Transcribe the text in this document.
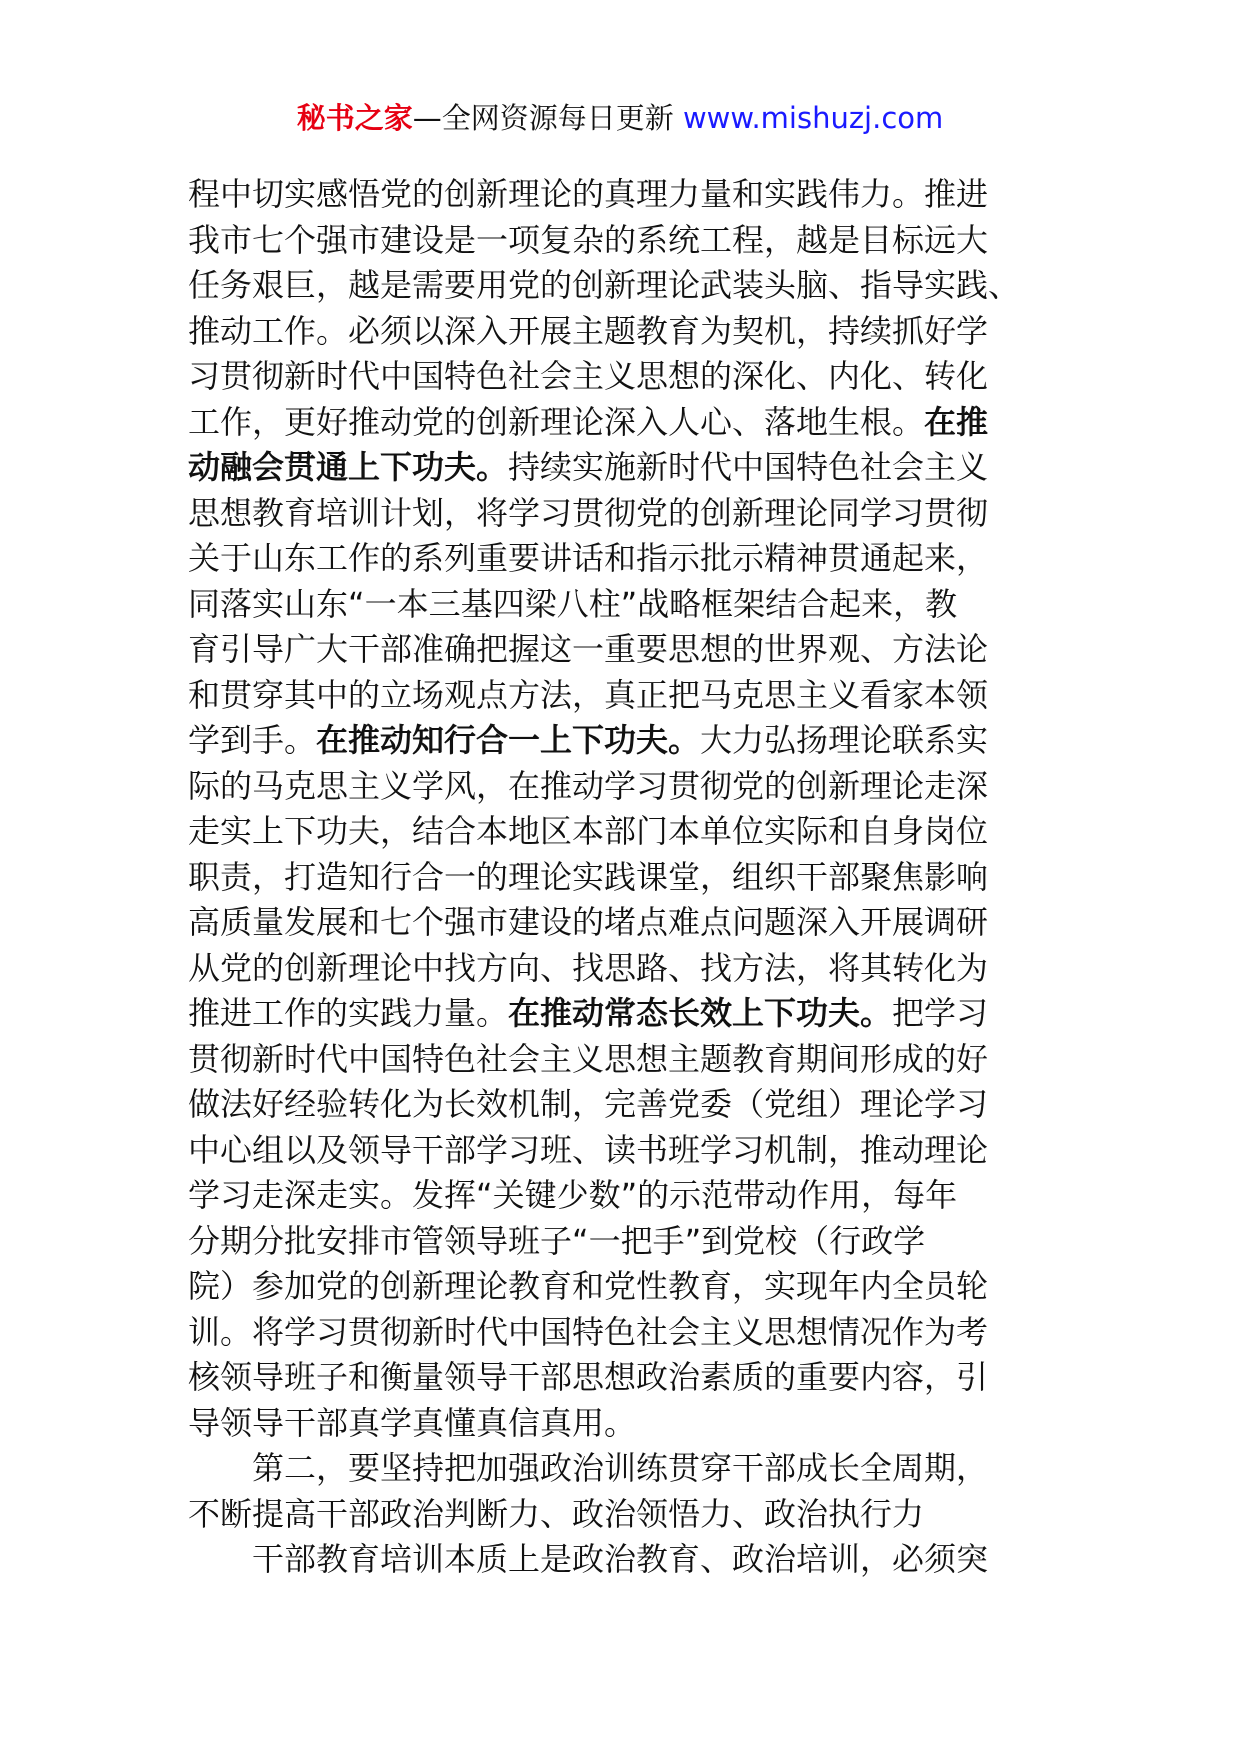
秘书之家—全网资源每日更新 www.mishuzj.com
程中切实感悟党的创新理论的真理力量和实践伟力。推进
我市七个强市建设是一项复杂的系统工程，越是目标远大
任务艰巨，越是需要用党的创新理论武装头脑、指导实践、
推动工作。必须以深入开展主题教育为契机，持续抓好学
习贯彻新时代中国特色社会主义思想的深化、内化、转化
工作，更好推动党的创新理论深入人心、落地生根。在推
动融会贯通上下功夫。持续实施新时代中国特色社会主义
思想教育培训计划，将学习贯彻党的创新理论同学习贯彻
关于山东工作的系列重要讲话和指示批示精神贯通起来，
同落实山东“一本三基四梁八柱”战略框架结合起来，教
育引导广大干部准确把握这一重要思想的世界观、方法论
和贯穿其中的立场观点方法，真正把马克思主义看家本领
学到手。在推动知行合一上下功夫。大力弘扬理论联系实
际的马克思主义学风，在推动学习贯彻党的创新理论走深
走实上下功夫，结合本地区本部门本单位实际和自身岗位
职责，打造知行合一的理论实践课堂，组织干部聚焦影响
高质量发展和七个强市建设的堵点难点问题深入开展调研
从党的创新理论中找方向、找思路、找方法，将其转化为
推进工作的实践力量。在推动常态长效上下功夫。把学习
贯彻新时代中国特色社会主义思想主题教育期间形成的好
做法好经验转化为长效机制，完善党委（党组）理论学习
中心组以及领导干部学习班、读书班学习机制，推动理论
学习走深走实。发挥“关键少数”的示范带动作用，每年
分期分批安排市管领导班子“一把手”到党校（行政学
院）参加党的创新理论教育和党性教育，实现年内全员轮
训。将学习贯彻新时代中国特色社会主义思想情况作为考
核领导班子和衡量领导干部思想政治素质的重要内容，引
导领导干部真学真懂真信真用。
第二，要坚持把加强政治训练贯穿干部成长全周期，
不断提高干部政治判断力、政治领悟力、政治执行力
干部教育培训本质上是政治教育、政治培训，必须突
